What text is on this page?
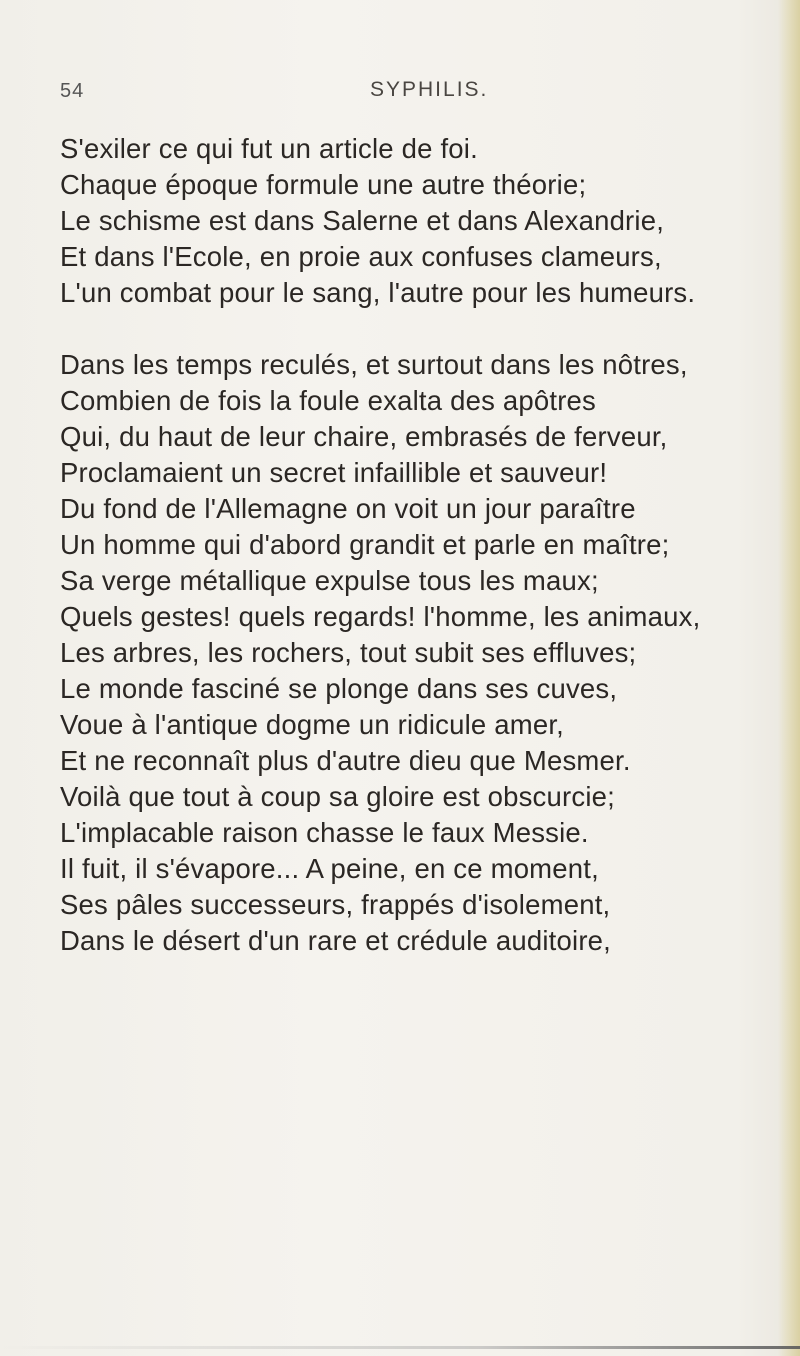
54	SYPHILIS.
S'exiler ce qui fut un article de foi.
Chaque époque formule une autre théorie;
Le schisme est dans Salerne et dans Alexandrie,
Et dans l'Ecole, en proie aux confuses clameurs,
L'un combat pour le sang, l'autre pour les humeurs.
Dans les temps reculés, et surtout dans les nôtres,
Combien de fois la foule exalta des apôtres
Qui, du haut de leur chaire, embrasés de ferveur,
Proclamaient un secret infaillible et sauveur!
Du fond de l'Allemagne on voit un jour paraître
Un homme qui d'abord grandit et parle en maître;
Sa verge métallique expulse tous les maux;
Quels gestes! quels regards! l'homme, les animaux,
Les arbres, les rochers, tout subit ses effluves;
Le monde fasciné se plonge dans ses cuves,
Voue à l'antique dogme un ridicule amer,
Et ne reconnaît plus d'autre dieu que Mesmer.
Voilà que tout à coup sa gloire est obscurcie;
L'implacable raison chasse le faux Messie.
Il fuit, il s'évapore... A peine, en ce moment,
Ses pâles successeurs, frappés d'isolement,
Dans le désert d'un rare et crédule auditoire,
